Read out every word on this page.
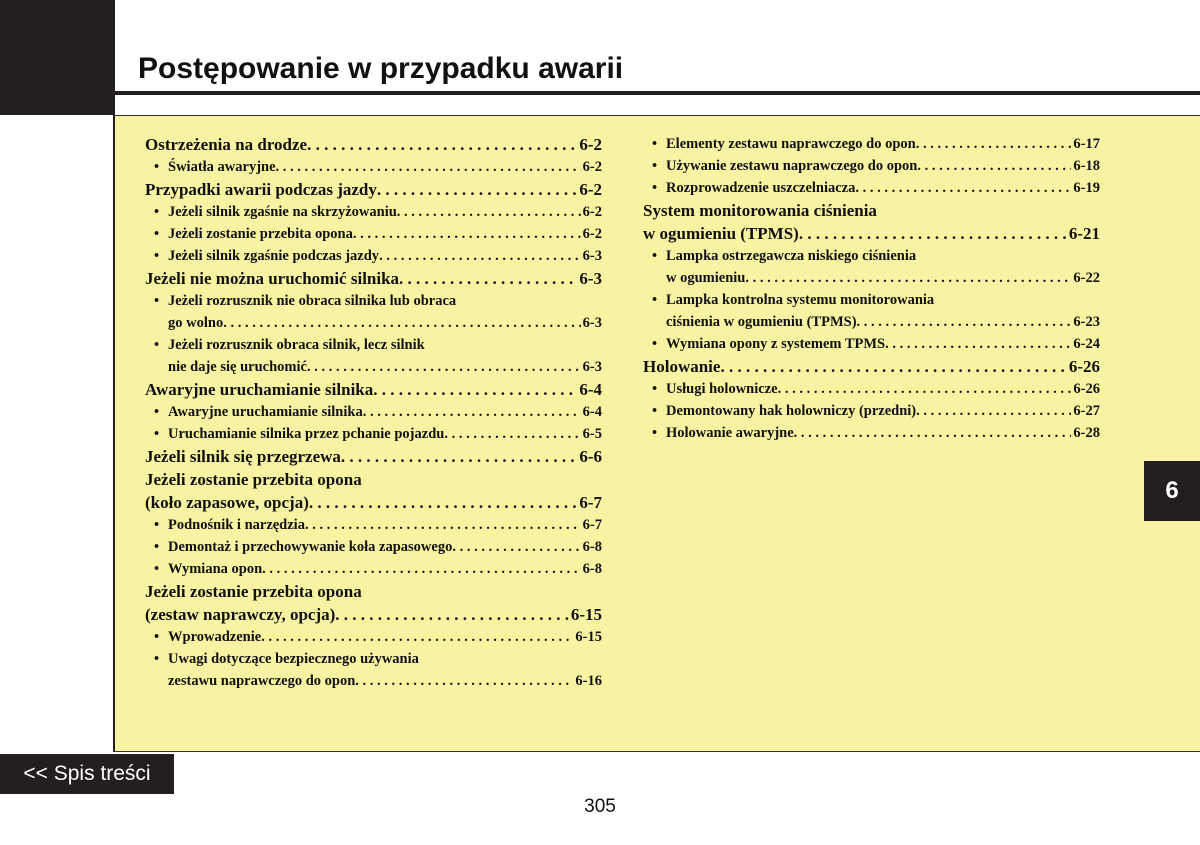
Postępowanie w przypadku awarii
Ostrzeżenia na drodze . . .	6-2
• Światła awaryjne . . .	6-2
Przypadki awarii podczas jazdy . . .	6-2
• Jeżeli silnik zgaśnie na skrzyżowaniu . . .	6-2
• Jeżeli zostanie przebita opona . . .	6-2
• Jeżeli silnik zgaśnie podczas jazdy . . .	6-3
Jeżeli nie można uruchomić silnika . . .	6-3
• Jeżeli rozrusznik nie obraca silnika lub obraca
go wolno . . .	6-3
• Jeżeli rozrusznik obraca silnik, lecz silnik
nie daje się uruchomić . . .	6-3
Awaryjne uruchamianie silnika . . .	6-4
• Awaryjne uruchamianie silnika . . .	6-4
• Uruchamianie silnika przez pchanie pojazdu . . .	6-5
Jeżeli silnik się przegrzewa . . .	6-6
Jeżeli zostanie przebita opona
(koło zapasowe, opcja) . . .	6-7
• Podnośnik i narzędzia . . .	6-7
• Demontaż i przechowywanie koła zapasowego . . .	6-8
• Wymiana opon . . .	6-8
Jeżeli zostanie przebita opona
(zestaw naprawczy, opcja) . . .	6-15
• Wprowadzenie . . .	6-15
• Uwagi dotyczące bezpiecznego używania
zestawu naprawczego do opon . . .	6-16
• Elementy zestawu naprawczego do opon . . .	6-17
• Używanie zestawu naprawczego do opon . . .	6-18
• Rozprowadzenie uszczelniacza . . .	6-19
System monitorowania ciśnienia
w ogumieniu (TPMS) . . .	6-21
• Lampka ostrzegawcza niskiego ciśnienia
w ogumieniu . . .	6-22
• Lampka kontrolna systemu monitorowania
ciśnienia w ogumieniu (TPMS) . . .	6-23
• Wymiana opony z systemem TPMS . . .	6-24
Holowanie . . .	6-26
• Usługi holownicze . . .	6-26
• Demontowany hak holowniczy (przedni) . . .	6-27
• Holowanie awaryjne . . .	6-28
6
<< Spis treści
305
